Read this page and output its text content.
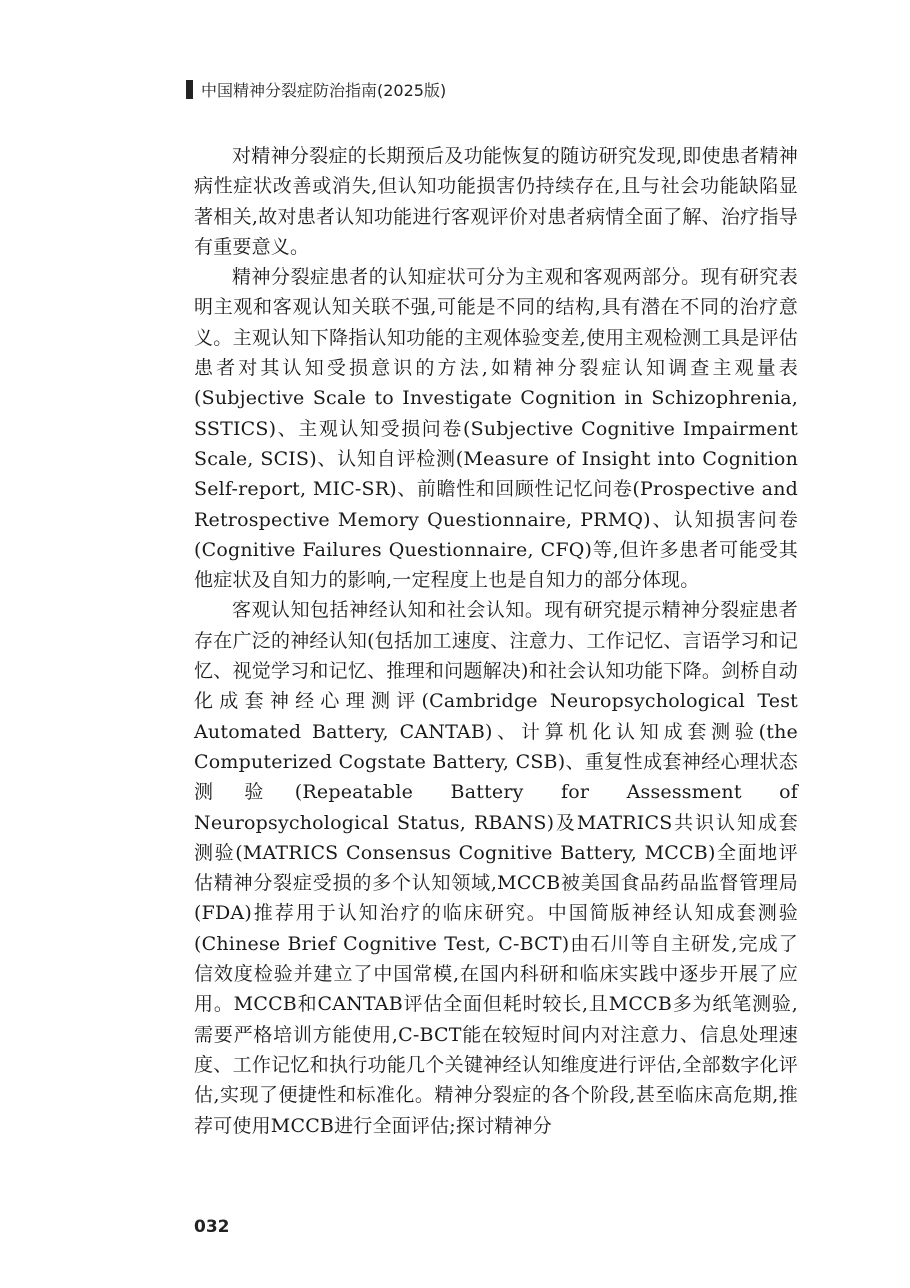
中国精神分裂症防治指南(2025版)

对精神分裂症的长期预后及功能恢复的随访研究发现,即使患者精神病性症状改善或消失,但认知功能损害仍持续存在,且与社会功能缺陷显著相关,故对患者认知功能进行客观评价对患者病情全面了解、治疗指导有重要意义。

精神分裂症患者的认知症状可分为主观和客观两部分。现有研究表明主观和客观认知关联不强,可能是不同的结构,具有潜在不同的治疗意义。主观认知下降指认知功能的主观体验变差,使用主观检测工具是评估患者对其认知受损意识的方法,如精神分裂症认知调查主观量表(Subjective Scale to Investigate Cognition in Schizophrenia, SSTICS)、主观认知受损问卷(Subjective Cognitive Impairment Scale, SCIS)、认知自评检测(Measure of Insight into Cognition Self-report, MIC-SR)、前瞻性和回顾性记忆问卷(Prospective and Retrospective Memory Questionnaire, PRMQ)、认知损害问卷(Cognitive Failures Questionnaire, CFQ)等,但许多患者可能受其他症状及自知力的影响,一定程度上也是自知力的部分体现。

客观认知包括神经认知和社会认知。现有研究提示精神分裂症患者存在广泛的神经认知(包括加工速度、注意力、工作记忆、言语学习和记忆、视觉学习和记忆、推理和问题解决)和社会认知功能下降。剑桥自动化成套神经心理测评(Cambridge Neuropsychological Test Automated Battery, CANTAB)、计算机化认知成套测验(the Computerized Cogstate Battery, CSB)、重复性成套神经心理状态测验(Repeatable Battery for Assessment of Neuropsychological Status, RBANS)及MATRICS共识认知成套测验(MATRICS Consensus Cognitive Battery, MCCB)全面地评估精神分裂症受损的多个认知领域,MCCB被美国食品药品监督管理局(FDA)推荐用于认知治疗的临床研究。中国简版神经认知成套测验(Chinese Brief Cognitive Test, C-BCT)由石川等自主研发,完成了信效度检验并建立了中国常模,在国内科研和临床实践中逐步开展了应用。MCCB和CANTAB评估全面但耗时较长,且MCCB多为纸笔测验,需要严格培训方能使用,C-BCT能在较短时间内对注意力、信息处理速度、工作记忆和执行功能几个关键神经认知维度进行评估,全部数字化评估,实现了便捷性和标准化。精神分裂症的各个阶段,甚至临床高危期,推荐可使用MCCB进行全面评估;探讨精神分

032
